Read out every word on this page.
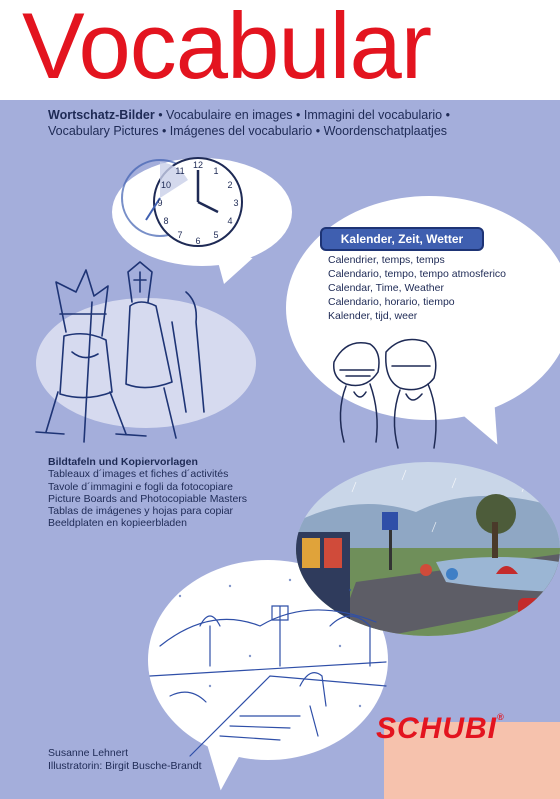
Vocabular
Wortschatz-Bilder • Vocabulaire en images • Immagini del vocabulario •
Vocabulary Pictures • Imágenes del vocabulario • Woordenschatplaatjes
12
1
2
3
4
5
6
7
8
9
10
11
Kalender, Zeit, Wetter
Calendrier, temps, temps
Calendario, tempo, tempo atmosferico
Calendar, Time, Weather
Calendario, horario, tiempo
Kalender, tijd, weer
Bildtafeln und Kopiervorlagen
Tableaux d´images et fiches d´activités
Tavole d´immagini e fogli da fotocopiare
Picture Boards and Photocopiable Masters
Tablas de imágenes y hojas para copiar
Beeldplaten en kopieerbladen
Susanne Lehnert
Illustratorin: Birgit Busche-Brandt
SCHUBI®
